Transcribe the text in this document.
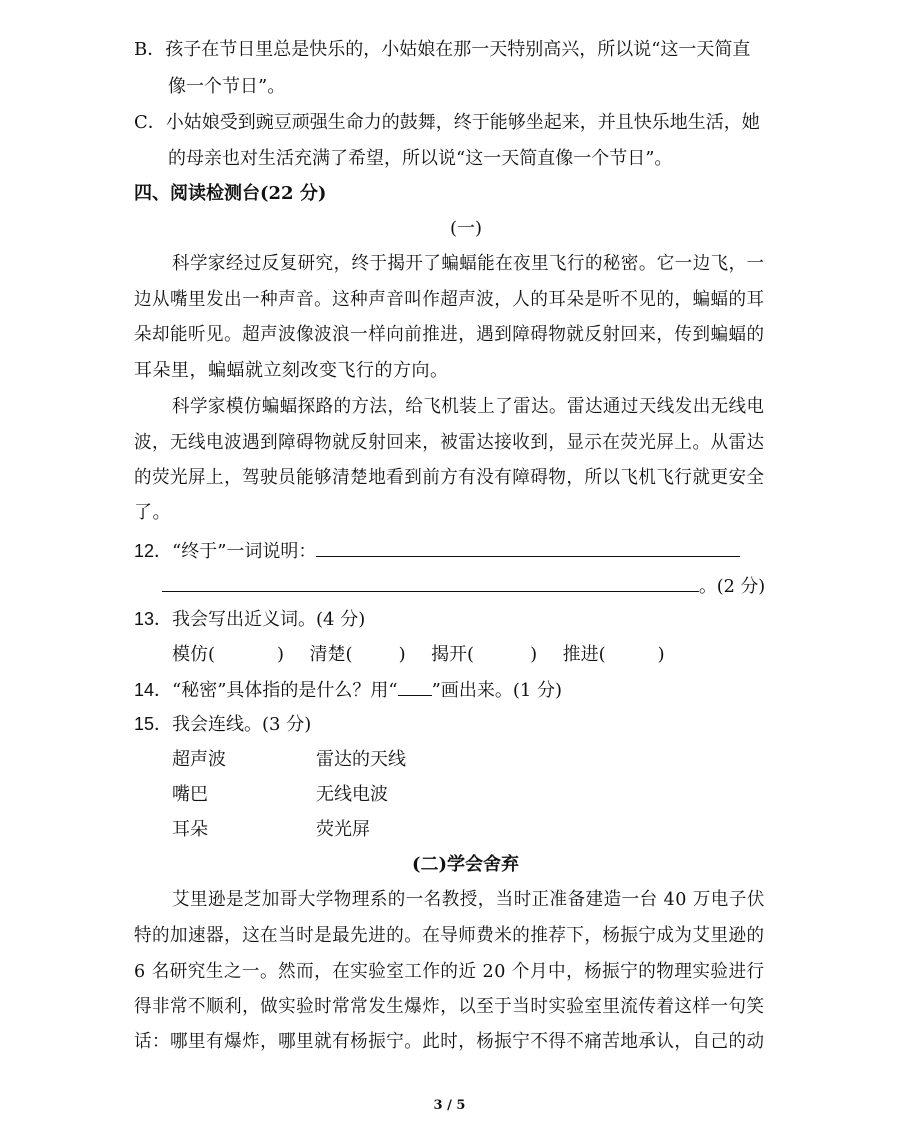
B．孩子在节日里总是快乐的，小姑娘在那一天特别高兴，所以说“这一天简直
像一个节日”。
C．小姑娘受到豌豆顽强生命力的鼓舞，终于能够坐起来，并且快乐地生活，她
的母亲也对生活充满了希望，所以说“这一天简直像一个节日”。
四、阅读检测台(22 分)
(一)
科学家经过反复研究，终于揭开了蝙蝠能在夜里飞行的秘密。它一边飞，一
边从嘴里发出一种声音。这种声音叫作超声波，人的耳朵是听不见的，蝙蝠的耳
朵却能听见。超声波像波浪一样向前推进，遇到障碍物就反射回来，传到蝙蝠的
耳朵里，蝙蝠就立刻改变飞行的方向。
科学家模仿蝙蝠探路的方法，给飞机装上了雷达。雷达通过天线发出无线电
波，无线电波遇到障碍物就反射回来，被雷达接收到，显示在荧光屏上。从雷达
的荧光屏上，驾驶员能够清楚地看到前方有没有障碍物，所以飞机飞行就更安全
了。
12．“终于”一词说明：
。(2 分)
13．我会写出近义词。(4 分)
模仿(	) 清楚(	) 揭开(	) 推进(	)
14．“秘密”具体指的是什么？用“ ”画出来。(1 分)
15．我会连线。(3 分)
超声波	雷达的天线
嘴巴	无线电波
耳朵	荧光屏
(二)学会舍弃
艾里逊是芝加哥大学物理系的一名教授，当时正准备建造一台 40 万电子伏
特的加速器，这在当时是最先进的。在导师费米的推荐下，杨振宁成为艾里逊的
6 名研究生之一。然而，在实验室工作的近 20 个月中，杨振宁的物理实验进行
得非常不顺利，做实验时常常发生爆炸，以至于当时实验室里流传着这样一句笑
话：哪里有爆炸，哪里就有杨振宁。此时，杨振宁不得不痛苦地承认，自己的动
3 / 5
